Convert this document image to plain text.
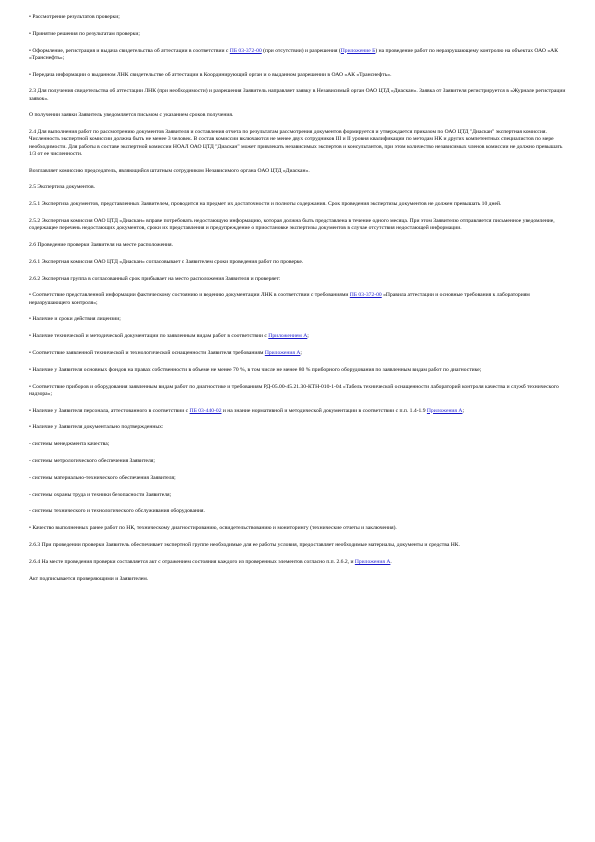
• Рассмотрение результатов проверки;

• Принятие решения по результатам проверки;

• Оформление, регистрация и выдача свидетельства об аттестации в соответствии с ПБ 03-372-00 (при отсутствии) и разрешения (Приложение Б) на проведение работ по неразрушающему контролю на объектах ОАО «АК «Транснефть»;

• Передача информации о выданном ЛНК свидетельстве об аттестации в Координирующий орган и о выданном разрешении в ОАО «АК «Транснефть».

2.3 Для получения свидетельства об аттестации ЛНК (при необходимости) и разрешения Заявитель направляет заявку в Независимый орган ОАО ЦТД «Диаскан». Заявка от Заявителя регистрируется в «Журнале регистрации заявок».

О получении заявки Заявитель уведомляется письмом с указанием сроков получения.

2.4 Для выполнения работ по рассмотрению документов Заявителя и составления отчета по результатам рассмотрения документов формируется и утверждается приказом по ОАО ЦТД "Диаскан" экспертная комиссия. Численность экспертной комиссии должна быть не менее 3 человек. В состав комиссии включаются не менее двух сотрудников III и II уровня квалификации по методам НК и других компетентных специалистов по мере необходимости. Для работы в составе экспертной комиссии НОАЛ ОАО ЦТД "Диаскан" может привлекать независимых экспертов и консультантов, при этом количество независимых членов комиссии не должно превышать 1/3 от ее численности.

Возглавляет комиссию председатель, являющийся штатным сотрудником Независимого органа ОАО ЦТД «Диаскан».

2.5 Экспертиза документов.

2.5.1 Экспертиза документов, представленных Заявителем, проводится на предмет их достаточности и полноты содержания. Срок проведения экспертизы документов не должен превышать 10 дней.

2.5.2 Экспертная комиссия ОАО ЦТД «Диаскан» вправе потребовать недостающую информацию, которая должна быть представлена в течение одного месяца. При этом Заявителю отправляется письменное уведомление, содержащее перечень недостающих документов, сроки их представления и предупреждение о приостановке экспертизы документов в случае отсутствия недостающей информации.

2.6 Проведение проверки Заявителя на месте расположения.

2.6.1 Экспертная комиссия ОАО ЦТД «Диаскан» согласовывает с Заявителем сроки проведения работ по проверке.

2.6.2 Экспертная группа в согласованный срок прибывает на место расположения Заявителя и проверяет:

• Соответствие представленной информации фактическому состоянию и ведению документации ЛНК в соответствии с требованиями ПБ 03-372-00 «Правила аттестации и основные требования к лабораториям неразрушающего контроля»;

• Наличие и сроки действия лицензии;

• Наличие технической и методической документации по заявленным видам работ в соответствии с Приложением А;

• Соответствие заявленной технической и технологической оснащенности Заявителя требованиям Приложения А;

• Наличие у Заявителя основных фондов на правах собственности в объеме не менее 70 %, в том числе не менее 80 % приборного оборудования по заявленным видам работ по диагностике;

• Соответствие приборов и оборудования заявленным видам работ по диагностике и требованиям РД-05.00-45.21.30-КТН-010-1-04 «Табель технической оснащенности лабораторий контроля качества и служб технического надзора»;

• Наличие у Заявителя персонала, аттестованного в соответствии с ПБ 03-440-02 и на знание нормативной и методической документации в соответствии с п.п. 1.4-1.9 Приложения А;

• Наличие у Заявителя документально подтвержденных:

- системы менеджмента качества;

- системы метрологического обеспечения Заявителя;

- системы материально-технического обеспечения Заявителя;

- системы охраны труда и техники безопасности Заявителя;

- системы технического и технологического обслуживания оборудования.

• Качество выполненных ранее работ по НК, техническому диагностированию, освидетельствованию и мониторингу (технические отчеты и заключения).

2.6.3 При проведении проверки Заявитель обеспечивает экспертной группе необходимые для ее работы условия, предоставляет необходимые материалы, документы и средства НК.

2.6.4 На месте проведения проверки составляется акт с отражением состояния каждого из проверенных элементов согласно п.п. 2.6.2, и Приложения А.

Акт подписывается проверяющими и Заявителем.
